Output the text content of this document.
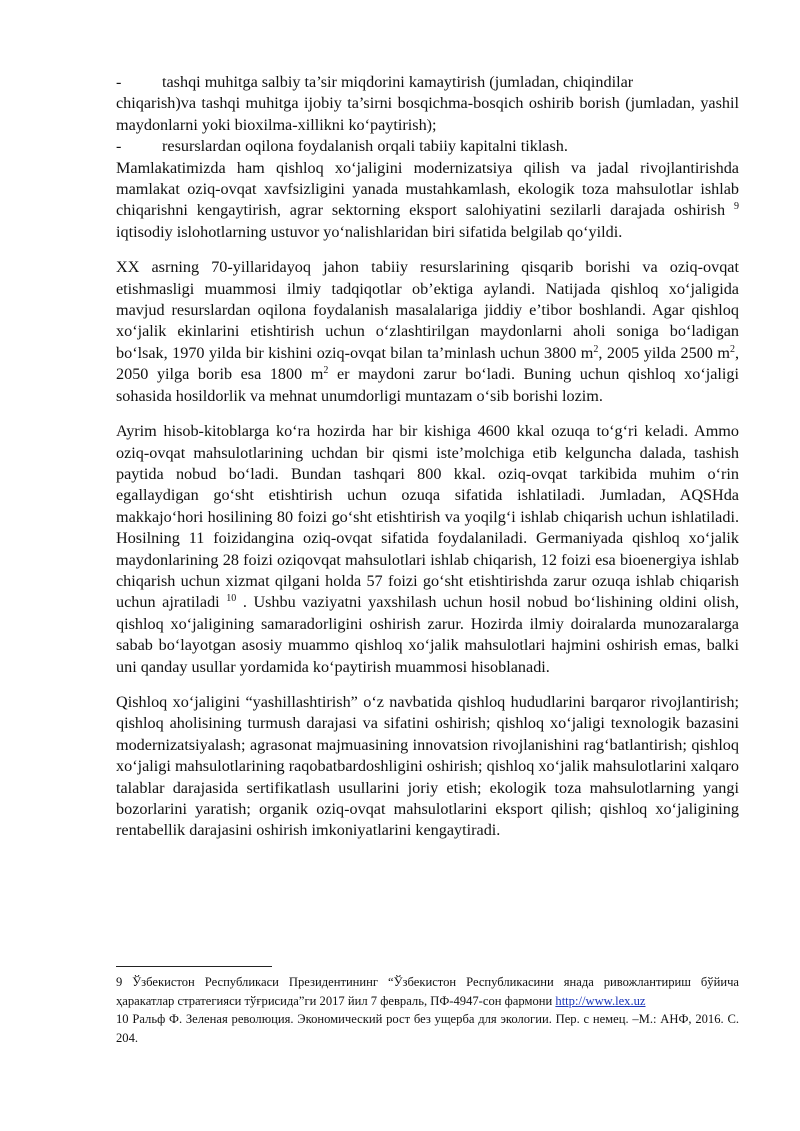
-	tashqi muhitga salbiy ta’sir miqdorini kamaytirish (jumladan, chiqindilar

chiqarish)va tashqi muhitga ijobiy ta’sirni bosqichma-bosqich oshirib borish (jumladan, yashil maydonlarni yoki bioxilma-xillikni ko‘paytirish);

-	resurslardan oqilona foydalanish orqali tabiiy kapitalni tiklash.

Mamlakatimizda ham qishloq xo‘jaligini modernizatsiya qilish va jadal rivojlantirishda mamlakat oziq-ovqat xavfsizligini yanada mustahkamlash, ekologik toza mahsulotlar ishlab chiqarishni kengaytirish, agrar sektorning eksport salohiyatini sezilarli darajada oshirish $^9$ iqtisodiy islohotlarning ustuvor yo‘nalishlaridan biri sifatida belgilab qo‘yildi.

XX asrning 70-yillaridayoq jahon tabiiy resurslarining qisqarib borishi va oziq-ovqat etishmasligi muammosi ilmiy tadqiqotlar ob’ektiga aylandi. Natijada qishloq xo‘jaligida mavjud resurslardan oqilona foydalanish masalalariga jiddiy e’tibor boshlandi. Agar qishloq xo‘jalik ekinlarini etishtirish uchun o‘zlashtirilgan maydonlarni aholi soniga bo‘ladigan bo‘lsak, 1970 yilda bir kishini oziq-ovqat bilan ta’minlash uchun 3800 $m^2$, 2005 yilda 2500 $m^2$, 2050 yilga borib esa 1800 $m^2$ er maydoni zarur bo‘ladi. Buning uchun qishloq xo‘jaligi sohasida hosildorlik va mehnat unumdorligi muntazam o‘sib borishi lozim.

Ayrim hisob-kitoblarga ko‘ra hozirda har bir kishiga 4600 kkal ozuqa to‘g‘ri keladi. Ammo oziq-ovqat mahsulotlarining uchdan bir qismi iste’molchiga etib kelguncha dalada, tashish paytida nobud bo‘ladi. Bundan tashqari 800 kkal. oziq-ovqat tarkibida muhim o‘rin egallaydigan go‘sht etishtirish uchun ozuqa sifatida ishlatiladi. Jumladan, AQSHda makkajo‘hori hosilining 80 foizi go‘sht etishtirish va yoqilg‘i ishlab chiqarish uchun ishlatiladi. Hosilning 11 foizidangina oziq-ovqat sifatida foydalaniladi. Germaniyada qishloq xo‘jalik maydonlarining 28 foizi oziqovqat mahsulotlari ishlab chiqarish, 12 foizi esa bioenergiya ishlab chiqarish uchun xizmat qilgani holda 57 foizi go‘sht etishtirishda zarur ozuqa ishlab chiqarish uchun ajratiladi $^{10}$ . Ushbu vaziyatni yaxshilash uchun hosil nobud bo‘lishining oldini olish, qishloq xo‘jaligining samaradorligini oshirish zarur. Hozirda ilmiy doiralarda munozaralarga sabab bo‘layotgan asosiy muammo qishloq xo‘jalik mahsulotlari hajmini oshirish emas, balki uni qanday usullar yordamida ko‘paytirish muammosi hisoblanadi.

Qishloq xo‘jaligini “yashillashtirish” o‘z navbatida qishloq hududlarini barqaror rivojlantirish; qishloq aholisining turmush darajasi va sifatini oshirish; qishloq xo‘jaligi texnologik bazasini modernizatsiyalash; agrasonat majmuasining innovatsion rivojlanishini rag‘batlantirish; qishloq xo‘jaligi mahsulotlarining raqobatbardoshligini oshirish; qishloq xo‘jalik mahsulotlarini xalqaro talablar darajasida sertifikatlash usullarini joriy etish; ekologik toza mahsulotlarning yangi bozorlarini yaratish; organik oziq-ovqat mahsulotlarini eksport qilish; qishloq xo‘jaligining rentabellik darajasini oshirish imkoniyatlarini kengaytiradi.

9 Ўзбекистон Республикаси Президентининг “Ўзбекистон Республикасини янада ривожлантириш бўйича ҳаракатлар стратегияси тўғрисида”ги 2017 йил 7 февраль, ПФ-4947-сон фармони http://www.lex.uz

10 Ральф Ф. Зеленая революция. Экономический рост без ущерба для экологии. Пер. с немец. –М.: АНФ, 2016. С. 204.
